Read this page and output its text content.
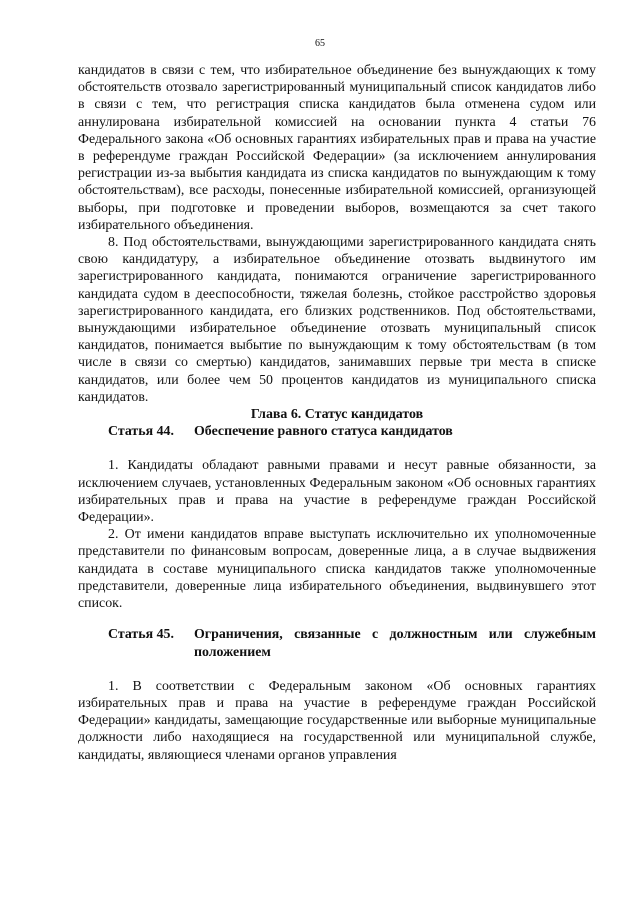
65

кандидатов в связи с тем, что избирательное объединение без вынуждающих к тому обстоятельств отозвало зарегистрированный муниципальный список кандидатов либо в связи с тем, что регистрация списка кандидатов была отменена судом или аннулирована избирательной комиссией на основании пункта 4 статьи 76 Федерального закона «Об основных гарантиях избирательных прав и права на участие в референдуме граждан Российской Федерации» (за исключением аннулирования регистрации из-за выбытия кандидата из списка кандидатов по вынуждающим к тому обстоятельствам), все расходы, понесенные избирательной комиссией, организующей выборы, при подготовке и проведении выборов, возмещаются за счет такого избирательного объединения.

8. Под обстоятельствами, вынуждающими зарегистрированного кандидата снять свою кандидатуру, а избирательное объединение отозвать выдвинутого им зарегистрированного кандидата, понимаются ограничение зарегистрированного кандидата судом в дееспособности, тяжелая болезнь, стойкое расстройство здоровья зарегистрированного кандидата, его близких родственников. Под обстоятельствами, вынуждающими избирательное объединение отозвать муниципальный список кандидатов, понимается выбытие по вынуждающим к тому обстоятельствам (в том числе в связи со смертью) кандидатов, занимавших первые три места в списке кандидатов, или более чем 50 процентов кандидатов из муниципального списка кандидатов.

Глава 6. Статус кандидатов

Статья 44.	Обеспечение равного статуса кандидатов

1. Кандидаты обладают равными правами и несут равные обязанности, за исключением случаев, установленных Федеральным законом «Об основных гарантиях избирательных прав и права на участие в референдуме граждан Российской Федерации».

2. От имени кандидатов вправе выступать исключительно их уполномоченные представители по финансовым вопросам, доверенные лица, а в случае выдвижения кандидата в составе муниципального списка кандидатов также уполномоченные представители, доверенные лица избирательного объединения, выдвинувшего этот список.

Статья 45.	Ограничения, связанные с должностным или служебным положением

1. В соответствии с Федеральным законом «Об основных гарантиях избирательных прав и права на участие в референдуме граждан Российской Федерации» кандидаты, замещающие государственные или выборные муниципальные должности либо находящиеся на государственной или муниципальной службе, кандидаты, являющиеся членами органов управления
